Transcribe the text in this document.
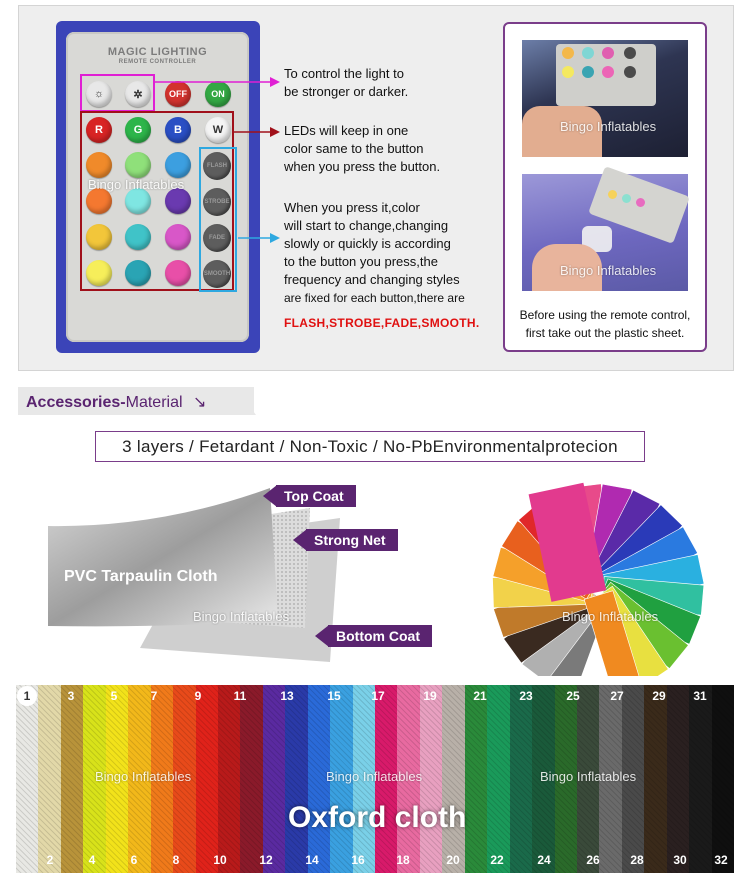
MAGIC LIGHTING
REMOTE CONTROLLER
☼	✲	OFF	ON
R	G	B	W
FLASH
STROBE
FADE
SMOOTH
Bingo Inflatables
To control the light to
be stronger or darker.
LEDs will keep in one
color same to the button
when you press the button.
When you press it,color
will start to change,changing
slowly or quickly is according
to the button you press,the
frequency and changing styles
are fixed for each button,there are
FLASH,STROBE,FADE,SMOOTH.
Bingo Inflatables
Bingo Inflatables
Before using the remote control,
first take out the plastic sheet.
Accessories-Material ↘
3 layers / Fetardant / Non-Toxic / No-PbEnvironmentalprotecion
PVC Tarpaulin Cloth
Bingo Inflatables
Top Coat
Strong Net
Bottom Coat
Bingo Inflatables
1	3	5	7	9	11	13	15	17	19	21	23	25	27 29 31
2	4	6	8	10	12	14	16	18	20	22	24	26	28 30 32
Bingo Inflatables	Bingo Inflatables	Bingo Inflatables
Oxford cloth
